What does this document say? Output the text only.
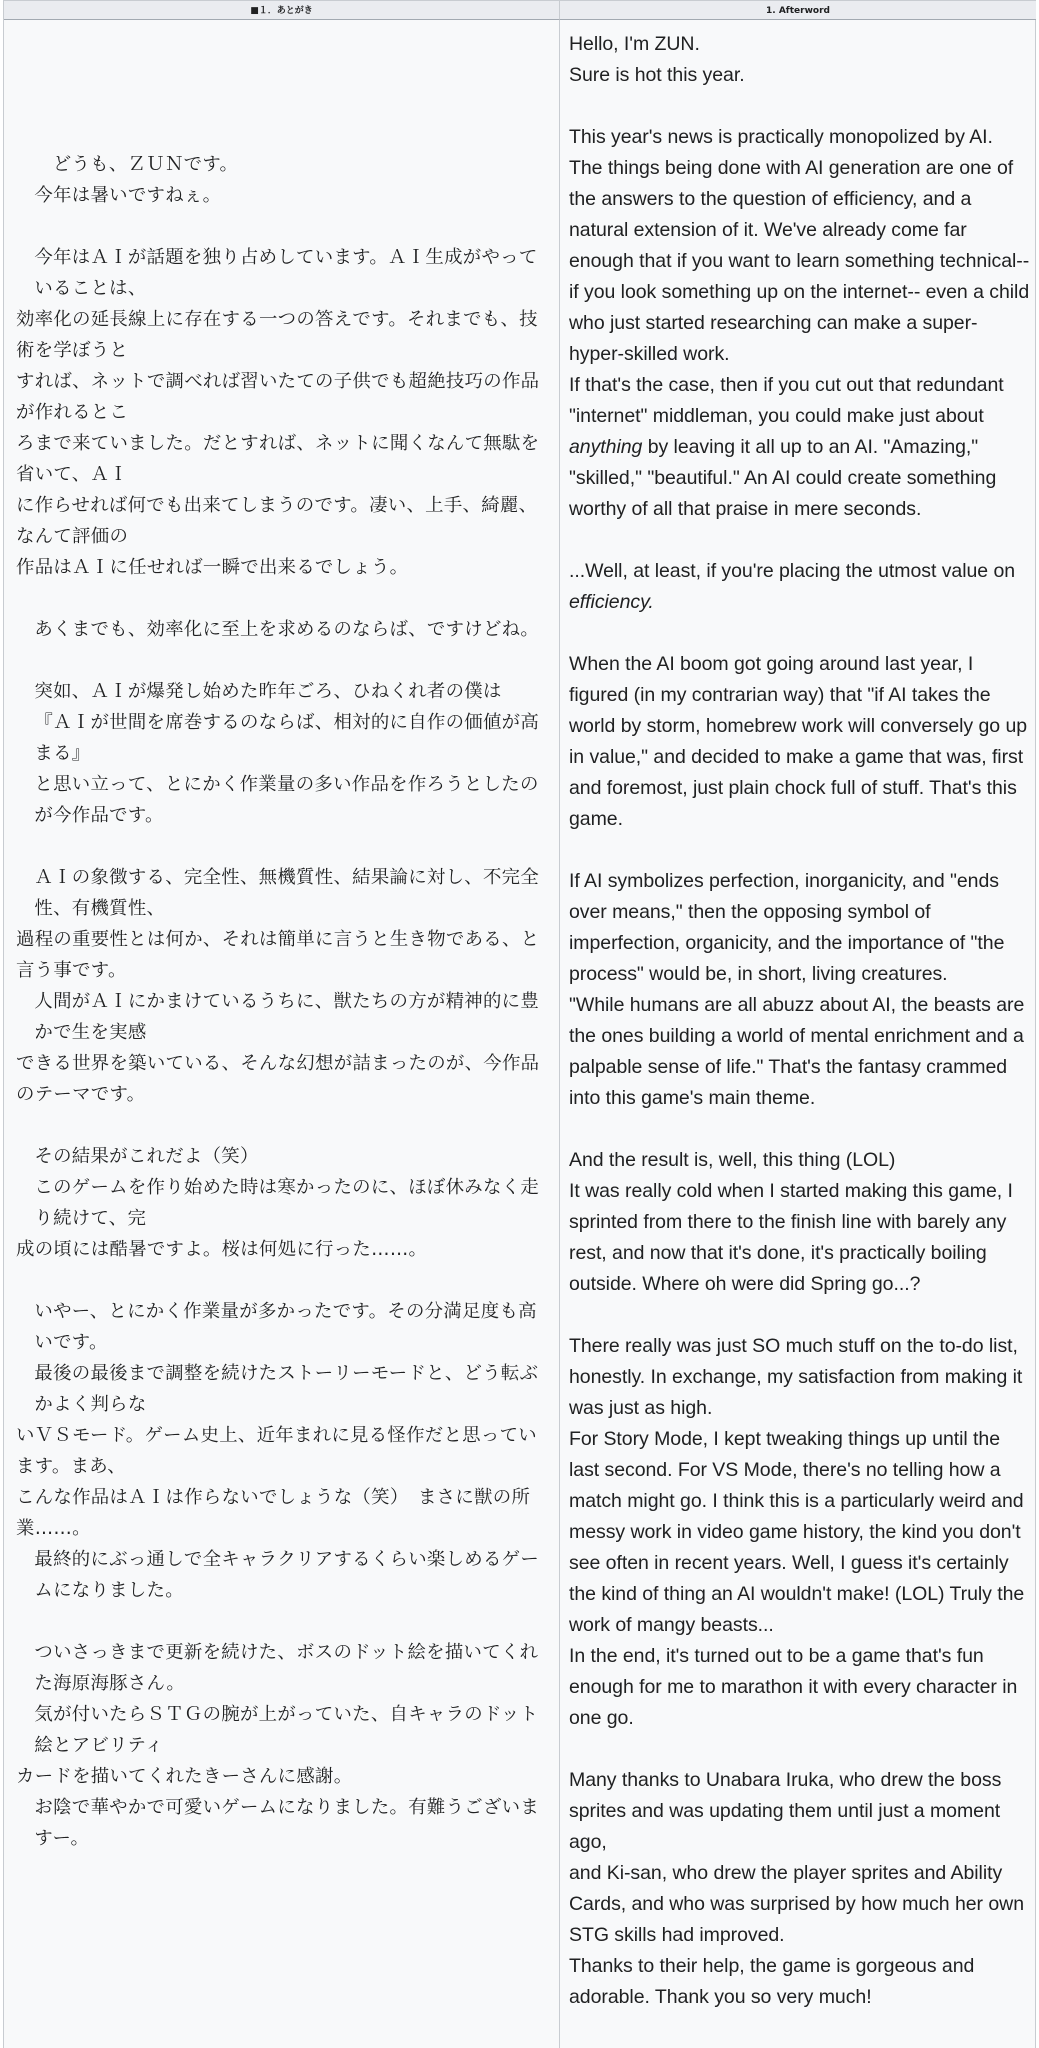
■１．あとがき	1. Afterword
どうも、ＺＵＮです。
今年は暑いですねぇ。
今年はＡＩが話題を独り占めしています。ＡＩ生成がやっていることは、
効率化の延長線上に存在する一つの答えです。それまでも、技術を学ぼうと
すれば、ネットで調べれば習いたての子供でも超絶技巧の作品が作れるとこ
ろまで来ていました。だとすれば、ネットに聞くなんて無駄を省いて、ＡＩ
に作らせれば何でも出来てしまうのです。凄い、上手、綺麗、なんて評価の
作品はＡＩに任せれば一瞬で出来るでしょう。
あくまでも、効率化に至上を求めるのならば、ですけどね。
突如、ＡＩが爆発し始めた昨年ごろ、ひねくれ者の僕は
『ＡＩが世間を席巻するのならば、相対的に自作の価値が高まる』
と思い立って、とにかく作業量の多い作品を作ろうとしたのが今作品です。
ＡＩの象徴する、完全性、無機質性、結果論に対し、不完全性、有機質性、
過程の重要性とは何か、それは簡単に言うと生き物である、と言う事です。
人間がＡＩにかまけているうちに、獣たちの方が精神的に豊かで生を実感
できる世界を築いている、そんな幻想が詰まったのが、今作品のテーマです。
その結果がこれだよ（笑）
このゲームを作り始めた時は寒かったのに、ほぼ休みなく走り続けて、完
成の頃には酷暑ですよ。桜は何処に行った……。
いやー、とにかく作業量が多かったです。その分満足度も高いです。
最後の最後まで調整を続けたストーリーモードと、どう転ぶかよく判らな
いＶＳモード。ゲーム史上、近年まれに見る怪作だと思っています。まあ、
こんな作品はＡＩは作らないでしょうな（笑）　まさに獣の所業……。
最終的にぶっ通しで全キャラクリアするくらい楽しめるゲームになりました。
ついさっきまで更新を続けた、ボスのドット絵を描いてくれた海原海豚さん。
気が付いたらＳＴＧの腕が上がっていた、自キャラのドット絵とアビリティ
カードを描いてくれたきーさんに感謝。
お陰で華やかで可愛いゲームになりました。有難うございますー。
Hello, I'm ZUN.
Sure is hot this year.
This year's news is practically monopolized by AI. The things being done with AI generation are one of the answers to the question of efficiency, and a natural extension of it. We've already come far enough that if you want to learn something technical-- if you look something up on the internet-- even a child who just started researching can make a super-hyper-skilled work.
If that's the case, then if you cut out that redundant "internet" middleman, you could make just about anything by leaving it all up to an AI. "Amazing," "skilled," "beautiful." An AI could create something worthy of all that praise in mere seconds.
...Well, at least, if you're placing the utmost value on
efficiency.
When the AI boom got going around last year, I figured (in my contrarian way) that "if AI takes the world by storm, homebrew work will conversely go up in value," and decided to make a game that was, first and foremost, just plain chock full of stuff. That's this game.
If AI symbolizes perfection, inorganicity, and "ends over means," then the opposing symbol of imperfection, organicity, and the importance of "the process" would be, in short, living creatures.
"While humans are all abuzz about AI, the beasts are the ones building a world of mental enrichment and a palpable sense of life." That's the fantasy crammed into this game's main theme.
And the result is, well, this thing (LOL)
It was really cold when I started making this game, I sprinted from there to the finish line with barely any rest, and now that it's done, it's practically boiling outside. Where oh were did Spring go...?
There really was just SO much stuff on the to-do list, honestly. In exchange, my satisfaction from making it was just as high.
For Story Mode, I kept tweaking things up until the last second. For VS Mode, there's no telling how a match might go. I think this is a particularly weird and messy work in video game history, the kind you don't see often in recent years. Well, I guess it's certainly the kind of thing an AI wouldn't make! (LOL) Truly the work of mangy beasts...
In the end, it's turned out to be a game that's fun enough for me to marathon it with every character in one go.
Many thanks to Unabara Iruka, who drew the boss sprites and was updating them until just a moment ago,
and Ki-san, who drew the player sprites and Ability Cards, and who was surprised by how much her own STG skills had improved.
Thanks to their help, the game is gorgeous and adorable. Thank you so very much!
